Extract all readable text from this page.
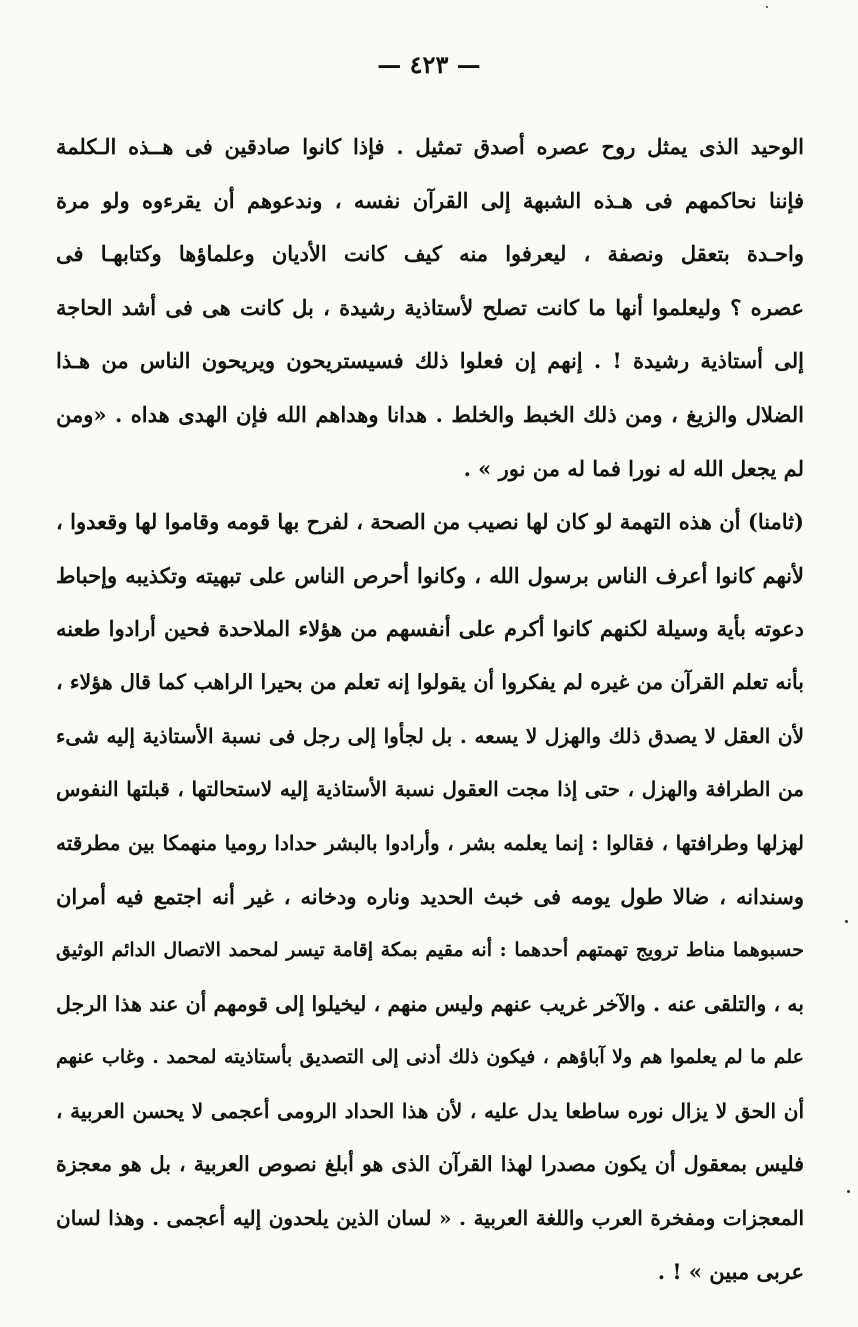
— ٤٢٣ —
الوحيد الذى يمثل روح عصره أصدق تمثيل . فإذا كانوا صادقين فى هــذه الـكلمة
فإننا نحاكمهم فى هـذه الشبهة إلى القرآن نفسه ، وندعوهم أن يقرءوه ولو مرة
واحـدة بتعقل ونصفة ، ليعرفوا منه كيف كانت الأديان وعلماؤها وكتابهـا فى
عصره ؟ وليعلموا أنها ما كانت تصلح لأستاذية رشيدة ، بل كانت هى فى أشد الحاجة
إلى أستاذية رشيدة ! . إنهم إن فعلوا ذلك فسيستريحون ويريحون الناس من هـذا
الضلال والزيغ ، ومن ذلك الخبط والخلط . هدانا وهداهم الله فإن الهدى هداه . «ومن
لم يجعل الله له نورا فما له من نور » .
(ثامنا) أن هذه التهمة لو كان لها نصيب من الصحة ، لفرح بها قومه وقاموا لها وقعدوا ،
لأنهم كانوا أعرف الناس برسول الله ، وكانوا أحرص الناس على تبهيته وتكذيبه وإحباط
دعوته بأية وسيلة لكنهم كانوا أكرم على أنفسهم من هؤلاء الملاحدة فحين أرادوا طعنه
بأنه تعلم القرآن من غيره لم يفكروا أن يقولوا إنه تعلم من بحيرا الراهب كما قال هؤلاء ،
لأن العقل لا يصدق ذلك والهزل لا يسعه . بل لجأوا إلى رجل فى نسبة الأستاذية إليه شىء
من الطرافة والهزل ، حتى إذا مجت العقول نسبة الأستاذية إليه لاستحالتها ، قبلتها النفوس
لهزلها وطرافتها ، فقالوا : إنما يعلمه بشر ، وأرادوا بالبشر حدادا روميا منهمكا بين مطرقته
وسندانه ، ضالا طول يومه فى خبث الحديد وناره ودخانه ، غير أنه اجتمع فيه أمران
حسبوهما مناط ترويج تهمتهم أحدهما : أنه مقيم بمكة إقامة تيسر لمحمد الاتصال الدائم الوثيق
به ، والتلقى عنه . والآخر غريب عنهم وليس منهم ، ليخيلوا إلى قومهم أن عند هذا الرجل
علم ما لم يعلموا هم ولا آباؤهم ، فيكون ذلك أدنى إلى التصديق بأستاذيته لمحمد . وغاب عنهم
أن الحق لا يزال نوره ساطعا يدل عليه ، لأن هذا الحداد الرومى أعجمى لا يحسن العربية ،
فليس بمعقول أن يكون مصدرا لهذا القرآن الذى هو أبلغ نصوص العربية ، بل هو معجزة
المعجزات ومفخرة العرب واللغة العربية . « لسان الذين يلحدون إليه أعجمى . وهذا لسان
عربى مبين » ! .
